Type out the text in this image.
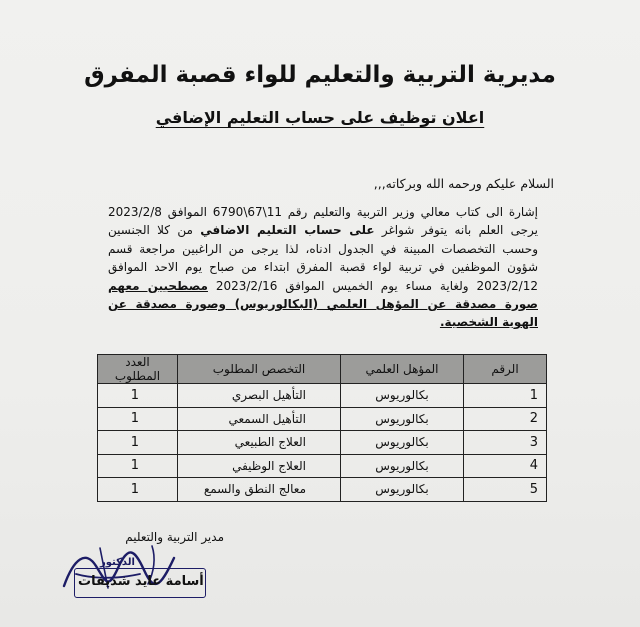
مديرية التربية والتعليم للواء قصبة المفرق
اعلان توظيف على حساب التعليم الإضافي
السلام عليكم ورحمه الله وبركاته,,,
إشارة الى كتاب معالي وزير التربية والتعليم رقم 11\67\6790 الموافق 2023/2/8 يرجى العلم بانه يتوفر شواغر على حساب التعليم الاضافي من كلا الجنسين وحسب التخصصات المبينة في الجدول ادناه، لذا يرجى من الراغبين مراجعة قسم شؤون الموظفين في تربية لواء قصبة المفرق ابتداء من صباح يوم الاحد الموافق 2023/2/12 ولغاية مساء يوم الخميس الموافق 2023/2/16 مصطحبين معهم صورة مصدقة عن المؤهل العلمي (البكالوريوس) وصورة مصدقة عن الهوية الشخصية.
الرقم	المؤهل العلمي	التخصص المطلوب	العدد المطلوب
1	بكالوريوس	التأهيل البصري	1
2	بكالوريوس	التأهيل السمعي	1
3	بكالوريوس	العلاج الطبيعي	1
4	بكالوريوس	العلاج الوظيفي	1
5	بكالوريوس	معالج النطق والسمع	1
مدير التربية والتعليم
الدكتور
أسامة عايد شديفات
